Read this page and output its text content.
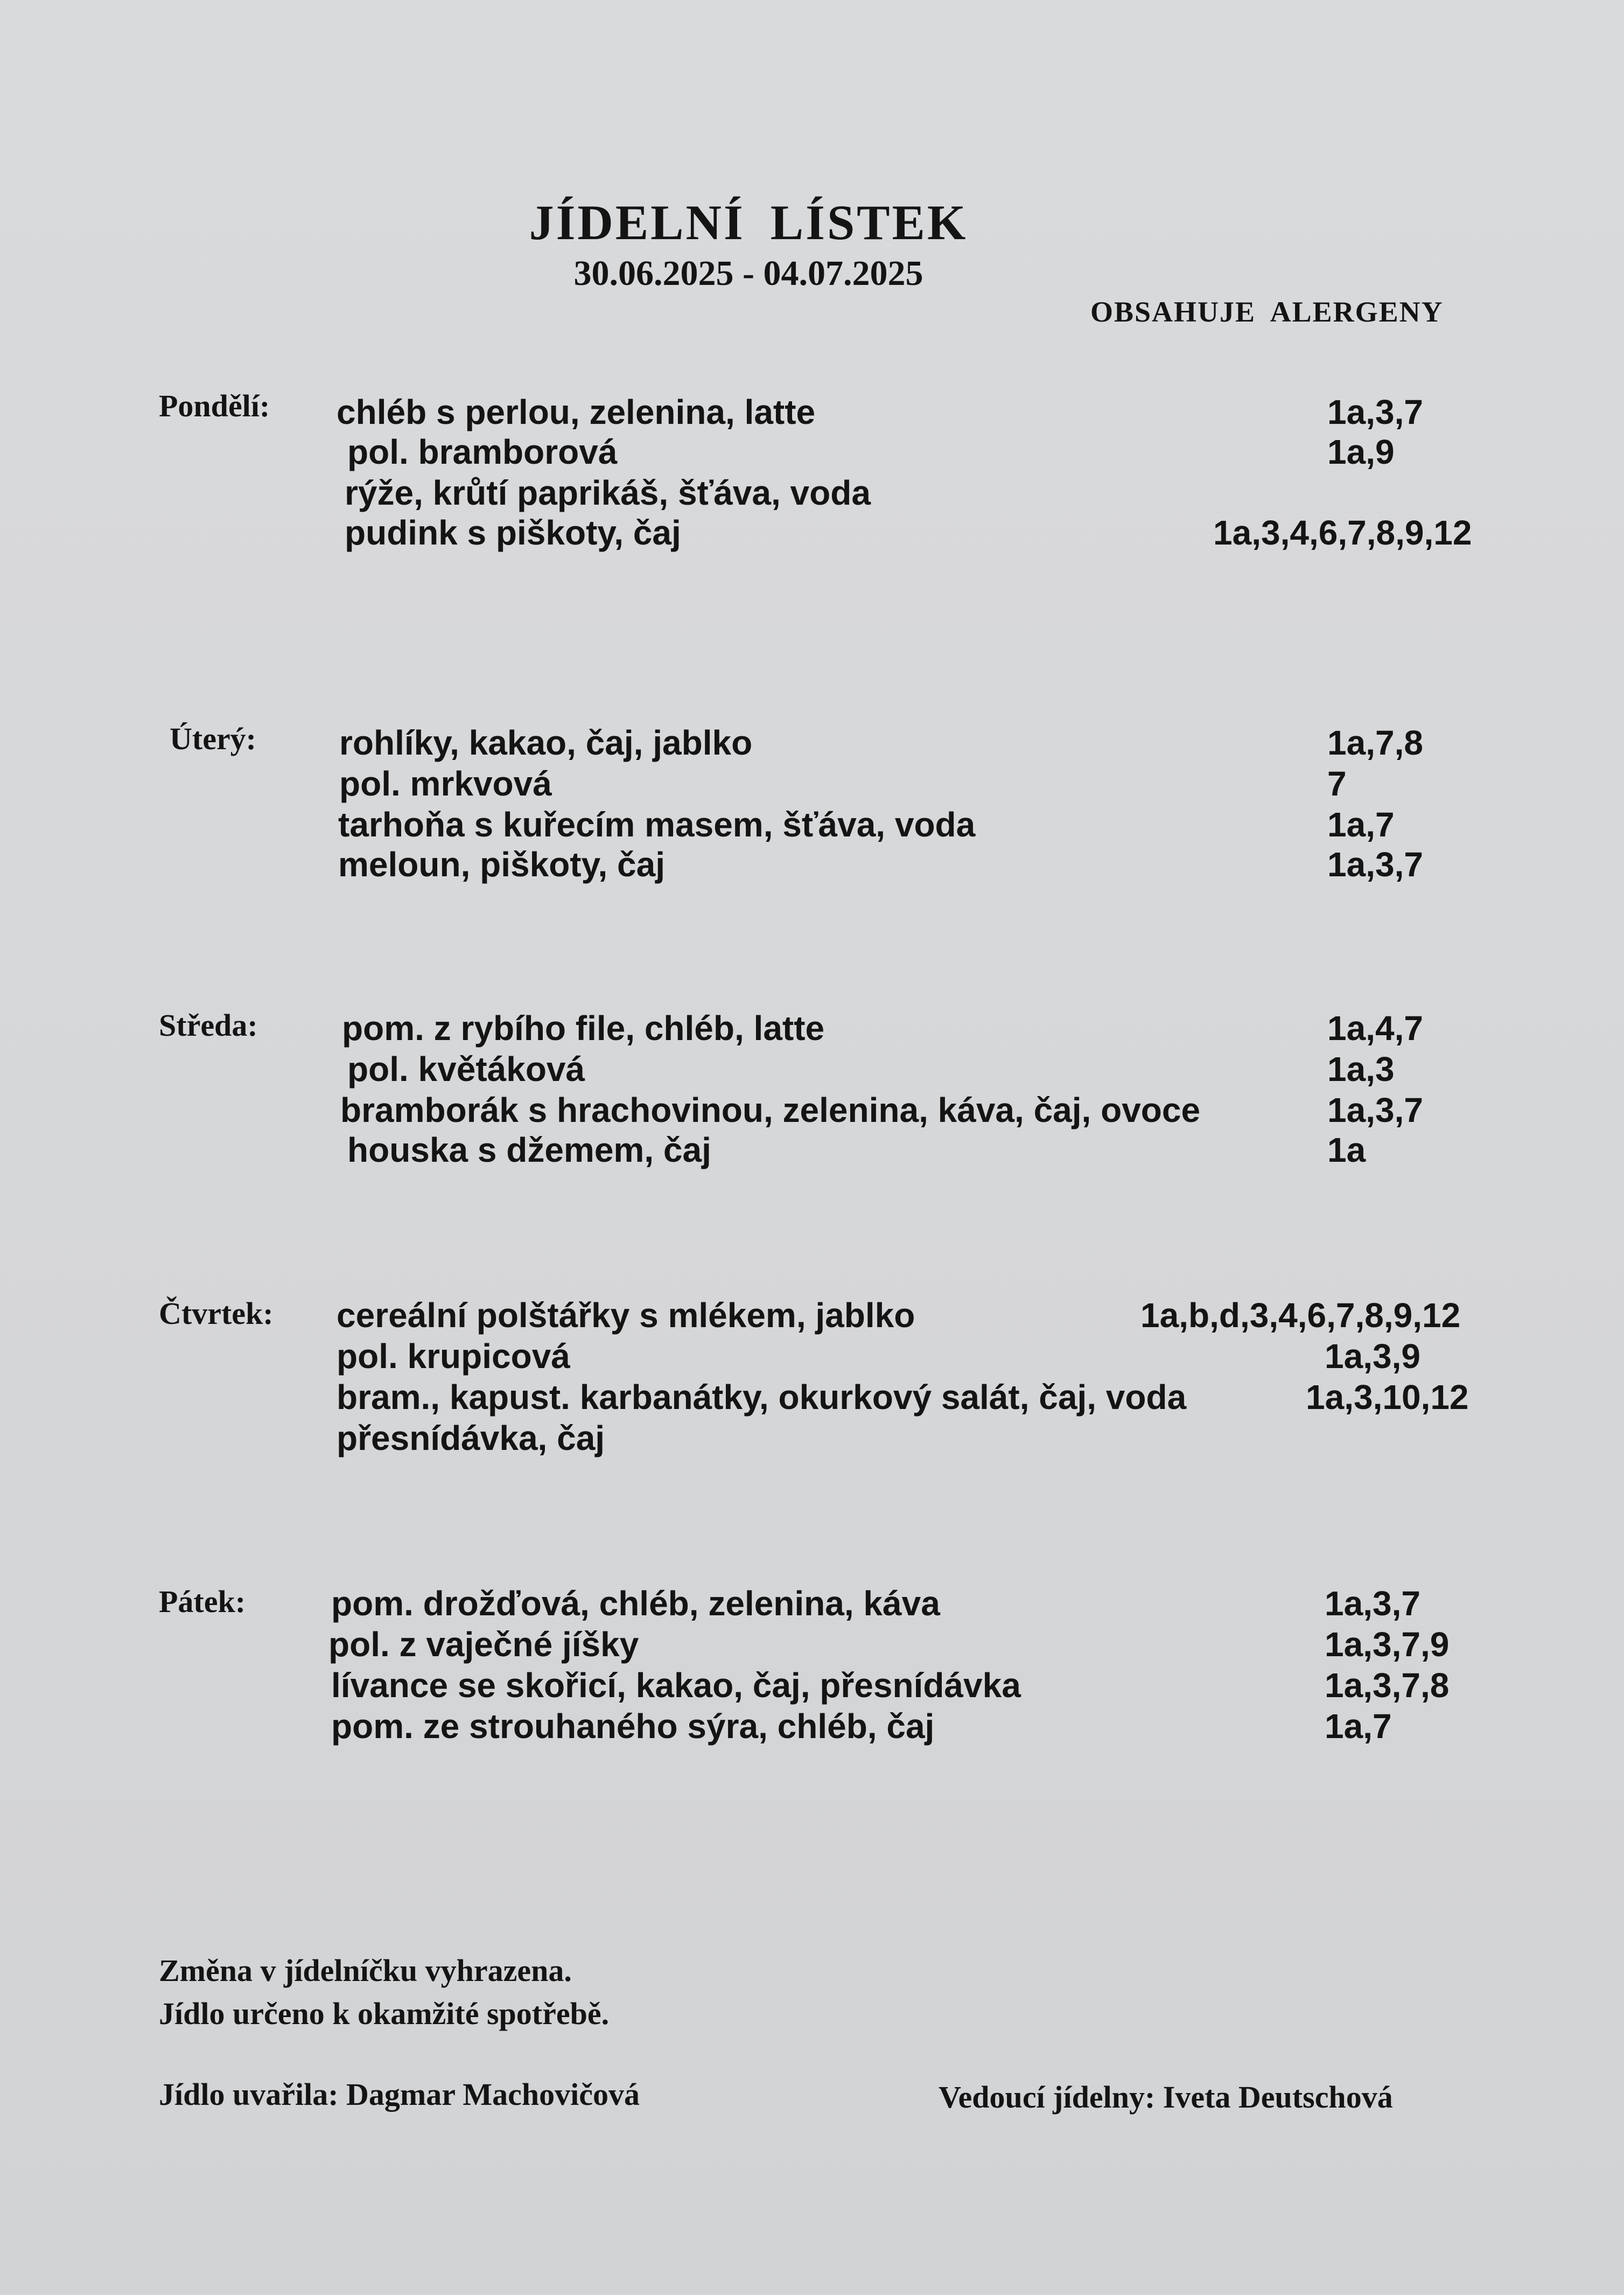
JÍDELNÍ LÍSTEK
30.06.2025 - 04.07.2025
OBSAHUJE ALERGENY
Pondělí: chléb s perlou, zelenina, latte	1a,3,7
pol. bramborová	1a,9
rýže, krůtí paprikáš, šťáva, voda
pudink s piškoty, čaj	1a,3,4,6,7,8,9,12
Úterý: rohlíky, kakao, čaj, jablko	1a,7,8
pol. mrkvová	7
tarhoňa s kuřecím masem, šťáva, voda	1a,7
meloun, piškoty, čaj	1a,3,7
Středa: pom. z rybího file, chléb, latte	1a,4,7
pol. květáková	1a,3
bramborák s hrachovinou, zelenina, káva, čaj, ovoce	1a,3,7
houska s džemem, čaj	1a
Čtvrtek: cereální polštářky s mlékem, jablko	1a,b,d,3,4,6,7,8,9,12
pol. krupicová	1a,3,9
bram., kapust. karbanátky, okurkový salát, čaj, voda	1a,3,10,12
přesnídávka, čaj
Pátek: pom. drožďová, chléb, zelenina, káva	1a,3,7
pol. z vaječné jíšky	1a,3,7,9
lívance se skořicí, kakao, čaj, přesnídávka	1a,3,7,8
pom. ze strouhaného sýra, chléb, čaj	1a,7
Změna v jídelníčku vyhrazena.
Jídlo určeno k okamžité spotřebě.
Jídlo uvařila: Dagmar Machovičová	Vedoucí jídelny: Iveta Deutschová
